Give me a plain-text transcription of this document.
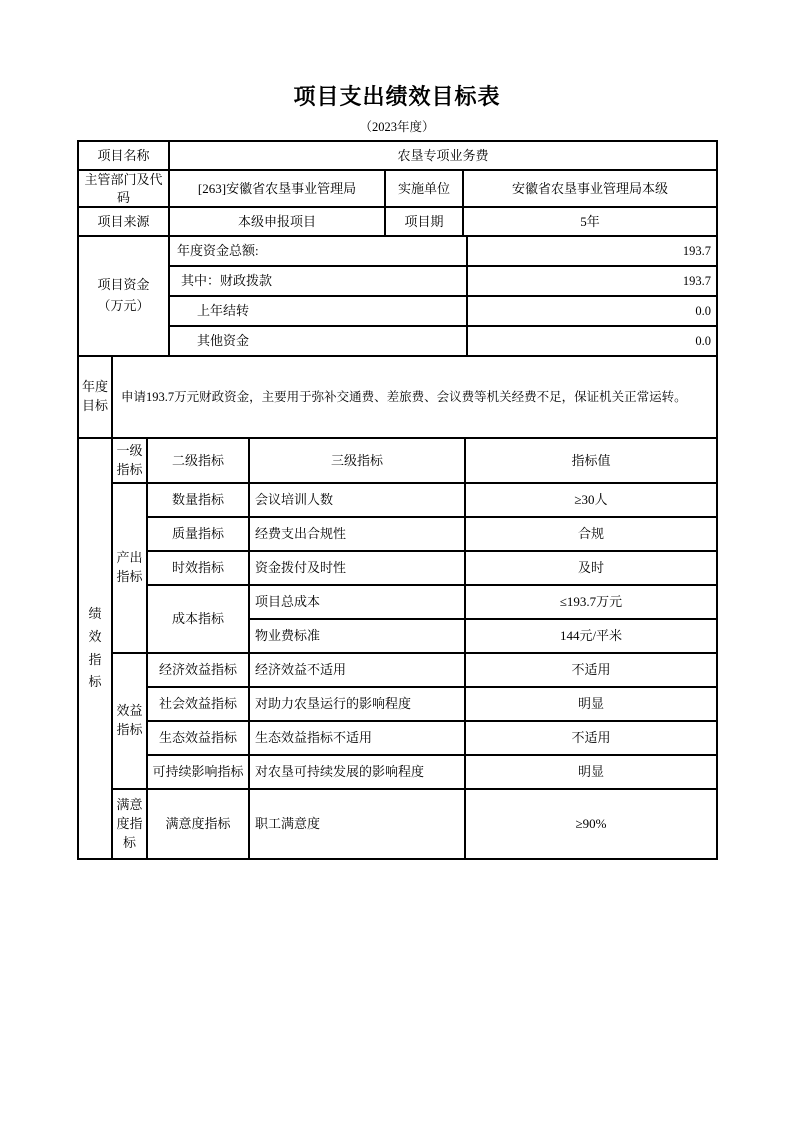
项目支出绩效目标表
（2023年度）
项目名称	农垦专项业务费		
主管部门及代码	[263]安徽省农垦事业管理局	实施单位	安徽省农垦事业管理局本级
项目来源	本级申报项目	项目期	5年
项目资金（万元）	年度资金总额:	193.7
	其中：财政拨款	193.7
	上年结转	0.0
	其他资金	0.0
年度目标
	申请193.7万元财政资金，主要用于弥补交通费、差旅费、会议费等机关经费不足，保证机关正常运转。
绩效指标	一级指标	二级指标	三级指标	指标值

	产出指标	数量指标	会议培训人数	≥30人
		质量指标	经费支出合规性	合规
		时效指标	资金拨付及时性	及时
		成本指标	项目总成本	≤193.7万元
			物业费标准	144元/平米

	效益指标	经济效益指标	经济效益不适用	不适用
		社会效益指标	对助力农垦运行的影响程度	明显
		生态效益指标	生态效益指标不适用	不适用
		可持续影响指标	对农垦可持续发展的影响程度	明显

	满意度指标	满意度指标	职工满意度	≥90%
